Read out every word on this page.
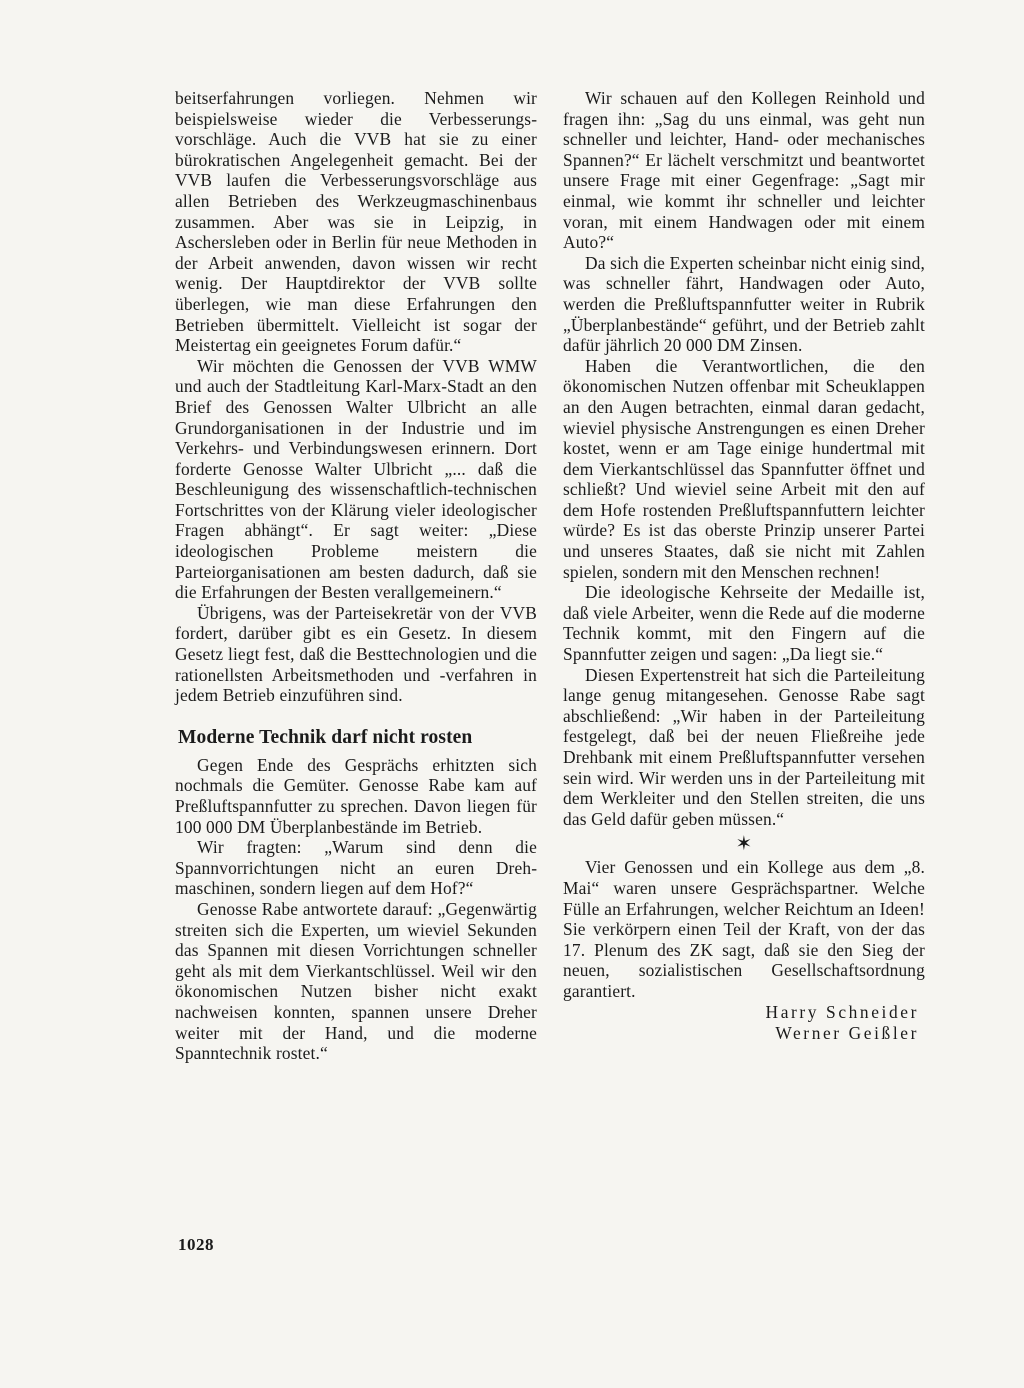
beitserfahrungen vorliegen. Nehmen wir beispielsweise wieder die Verbesserungsvorschläge. Auch die VVB hat sie zu einer bürokratischen Angelegenheit gemacht. Bei der VVB laufen die Verbesserungsvorschläge aus allen Betrieben des Werkzeugmaschinenbaus zusammen. Aber was sie in Leipzig, in Aschersleben oder in Berlin für neue Methoden in der Arbeit anwenden, davon wissen wir recht wenig. Der Hauptdirektor der VVB sollte überlegen, wie man diese Erfahrungen den Betrieben übermittelt. Vielleicht ist sogar der Meistertag ein geeignetes Forum dafür.“

Wir möchten die Genossen der VVB WMW und auch der Stadtleitung Karl-Marx-Stadt an den Brief des Genossen Walter Ulbricht an alle Grundorganisationen in der Industrie und im Verkehrs- und Verbindungswesen erinnern. Dort forderte Genosse Walter Ulbricht „... daß die Beschleunigung des wissenschaftlich-technischen Fortschrittes von der Klärung vieler ideologischer Fragen abhängt“. Er sagt weiter: „Diese ideologischen Probleme meistern die Parteiorganisationen am besten dadurch, daß sie die Erfahrungen der Besten verallgemeinern.“

Übrigens, was der Parteisekretär von der VVB fordert, darüber gibt es ein Gesetz. In diesem Gesetz liegt fest, daß die Besttechnologien und die rationellsten Arbeitsmethoden und -verfahren in jedem Betrieb einzuführen sind.

Moderne Technik darf nicht rosten

Gegen Ende des Gesprächs erhitzten sich nochmals die Gemüter. Genosse Rabe kam auf Preßluftspannfutter zu sprechen. Davon liegen für 100 000 DM Überplanbestände im Betrieb.

Wir fragten: „Warum sind denn die Spannvorrichtungen nicht an euren Drehmaschinen, sondern liegen auf dem Hof?“

Genosse Rabe antwortete darauf: „Gegenwärtig streiten sich die Experten, um wieviel Sekunden das Spannen mit diesen Vorrichtungen schneller geht als mit dem Vierkantschlüssel. Weil wir den ökonomischen Nutzen bisher nicht exakt nachweisen konnten, spannen unsere Dreher weiter mit der Hand, und die moderne Spanntechnik rostet.“

Wir schauen auf den Kollegen Reinhold und fragen ihn: „Sag du uns einmal, was geht nun schneller und leichter, Hand- oder mechanisches Spannen?“ Er lächelt verschmitzt und beantwortet unsere Frage mit einer Gegenfrage: „Sagt mir einmal, wie kommt ihr schneller und leichter voran, mit einem Handwagen oder mit einem Auto?“

Da sich die Experten scheinbar nicht einig sind, was schneller fährt, Handwagen oder Auto, werden die Preßluftspannfutter weiter in Rubrik „Überplanbestände“ geführt, und der Betrieb zahlt dafür jährlich 20 000 DM Zinsen.

Haben die Verantwortlichen, die den ökonomischen Nutzen offenbar mit Scheuklappen an den Augen betrachten, einmal daran gedacht, wieviel physische Anstrengungen es einen Dreher kostet, wenn er am Tage einige hundertmal mit dem Vierkantschlüssel das Spannfutter öffnet und schließt? Und wieviel seine Arbeit mit den auf dem Hofe rostenden Preßluftspannfuttern leichter würde? Es ist das oberste Prinzip unserer Partei und unseres Staates, daß sie nicht mit Zahlen spielen, sondern mit den Menschen rechnen!

Die ideologische Kehrseite der Medaille ist, daß viele Arbeiter, wenn die Rede auf die moderne Technik kommt, mit den Fingern auf die Spannfutter zeigen und sagen: „Da liegt sie.“

Diesen Expertenstreit hat sich die Parteileitung lange genug mitangesehen. Genosse Rabe sagt abschließend: „Wir haben in der Parteileitung festgelegt, daß bei der neuen Fließreihe jede Drehbank mit einem Preßluftspannfutter versehen sein wird. Wir werden uns in der Parteileitung mit dem Werkleiter und den Stellen streiten, die uns das Geld dafür geben müssen.“

✶

Vier Genossen und ein Kollege aus dem „8. Mai“ waren unsere Gesprächspartner. Welche Fülle an Erfahrungen, welcher Reichtum an Ideen! Sie verkörpern einen Teil der Kraft, von der das 17. Plenum des ZK sagt, daß sie den Sieg der neuen, sozialistischen Gesellschaftsordnung garantiert.

Harry Schneider
Werner Geißler
1028
